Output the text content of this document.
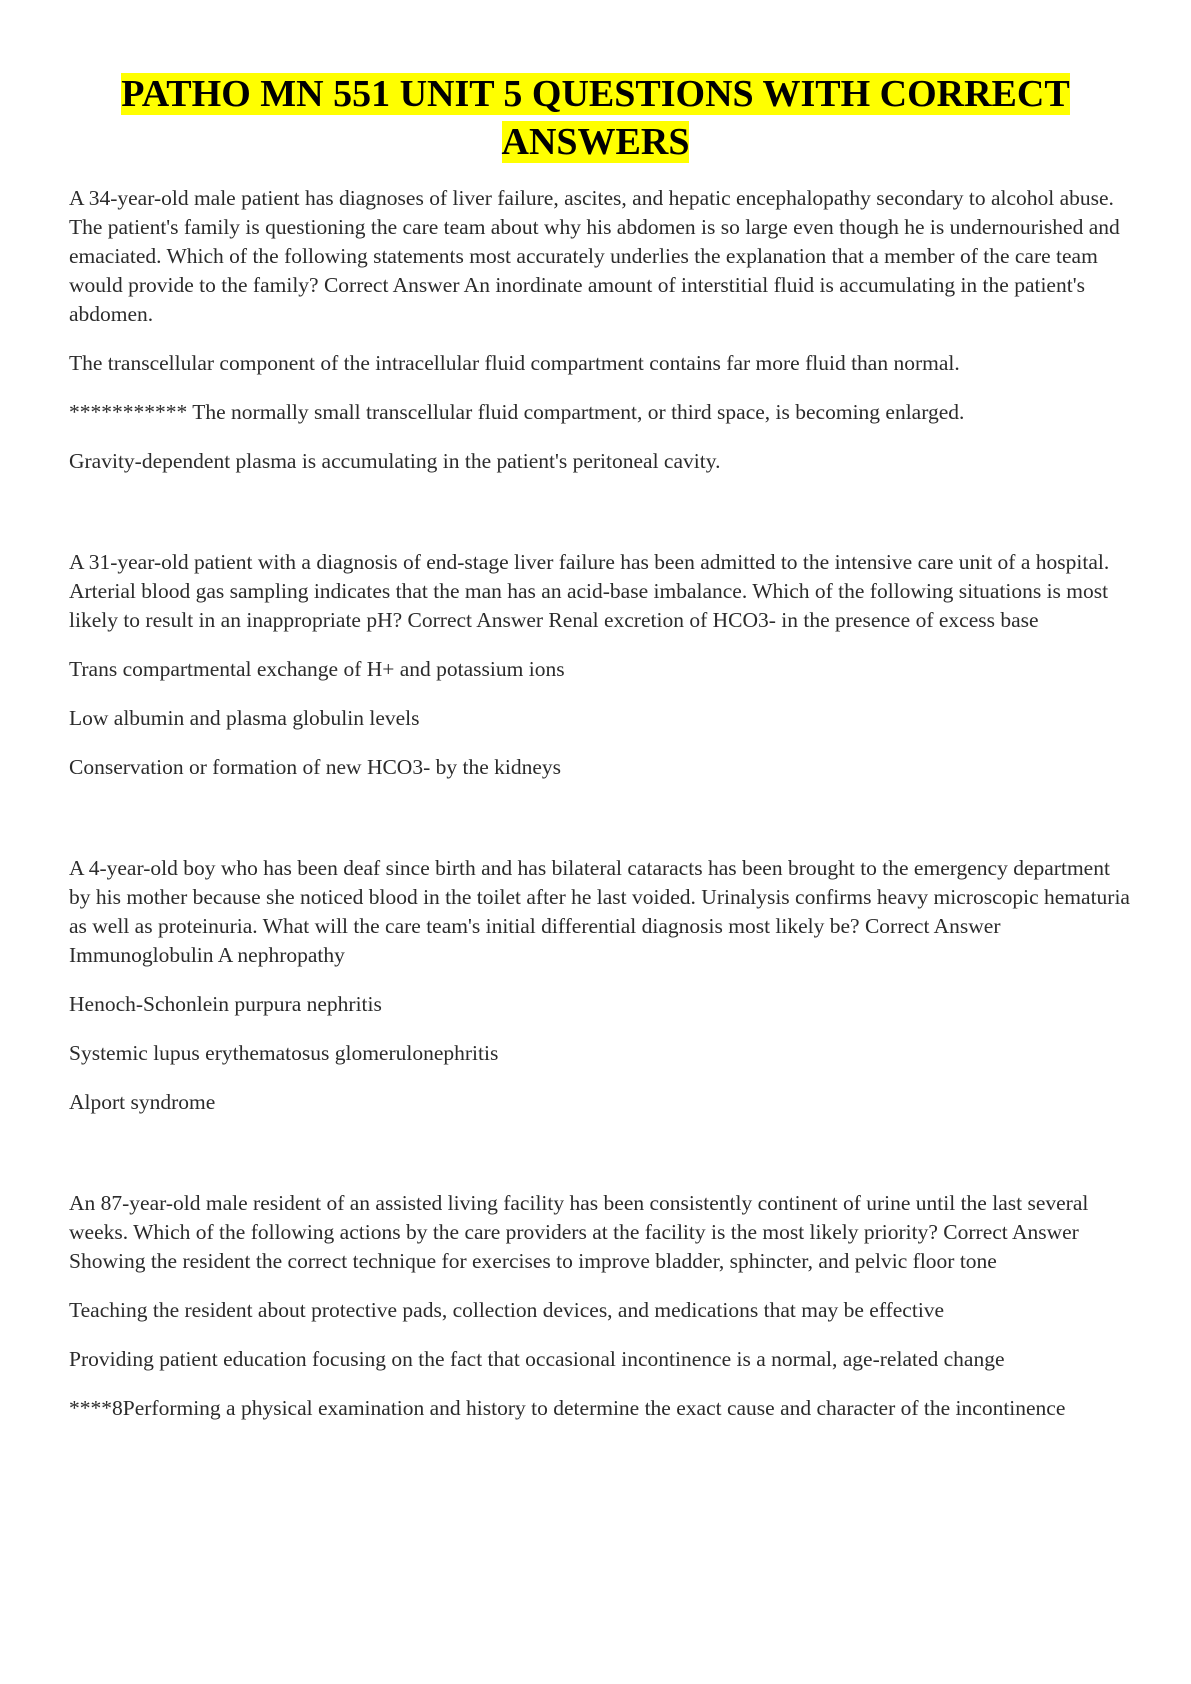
PATHO MN 551 UNIT 5 QUESTIONS WITH CORRECT ANSWERS

A 34-year-old male patient has diagnoses of liver failure, ascites, and hepatic encephalopathy secondary to alcohol abuse. The patient's family is questioning the care team about why his abdomen is so large even though he is undernourished and emaciated. Which of the following statements most accurately underlies the explanation that a member of the care team would provide to the family? Correct Answer An inordinate amount of interstitial fluid is accumulating in the patient's abdomen.

The transcellular component of the intracellular fluid compartment contains far more fluid than normal.

*********** The normally small transcellular fluid compartment, or third space, is becoming enlarged.

Gravity-dependent plasma is accumulating in the patient's peritoneal cavity.

A 31-year-old patient with a diagnosis of end-stage liver failure has been admitted to the intensive care unit of a hospital. Arterial blood gas sampling indicates that the man has an acid-base imbalance. Which of the following situations is most likely to result in an inappropriate pH? Correct Answer Renal excretion of HCO3- in the presence of excess base

Trans compartmental exchange of H+ and potassium ions

Low albumin and plasma globulin levels

Conservation or formation of new HCO3- by the kidneys

A 4-year-old boy who has been deaf since birth and has bilateral cataracts has been brought to the emergency department by his mother because she noticed blood in the toilet after he last voided. Urinalysis confirms heavy microscopic hematuria as well as proteinuria. What will the care team's initial differential diagnosis most likely be? Correct Answer Immunoglobulin A nephropathy

Henoch-Schonlein purpura nephritis

Systemic lupus erythematosus glomerulonephritis

Alport syndrome

An 87-year-old male resident of an assisted living facility has been consistently continent of urine until the last several weeks. Which of the following actions by the care providers at the facility is the most likely priority? Correct Answer Showing the resident the correct technique for exercises to improve bladder, sphincter, and pelvic floor tone

Teaching the resident about protective pads, collection devices, and medications that may be effective

Providing patient education focusing on the fact that occasional incontinence is a normal, age-related change

****8Performing a physical examination and history to determine the exact cause and character of the incontinence
